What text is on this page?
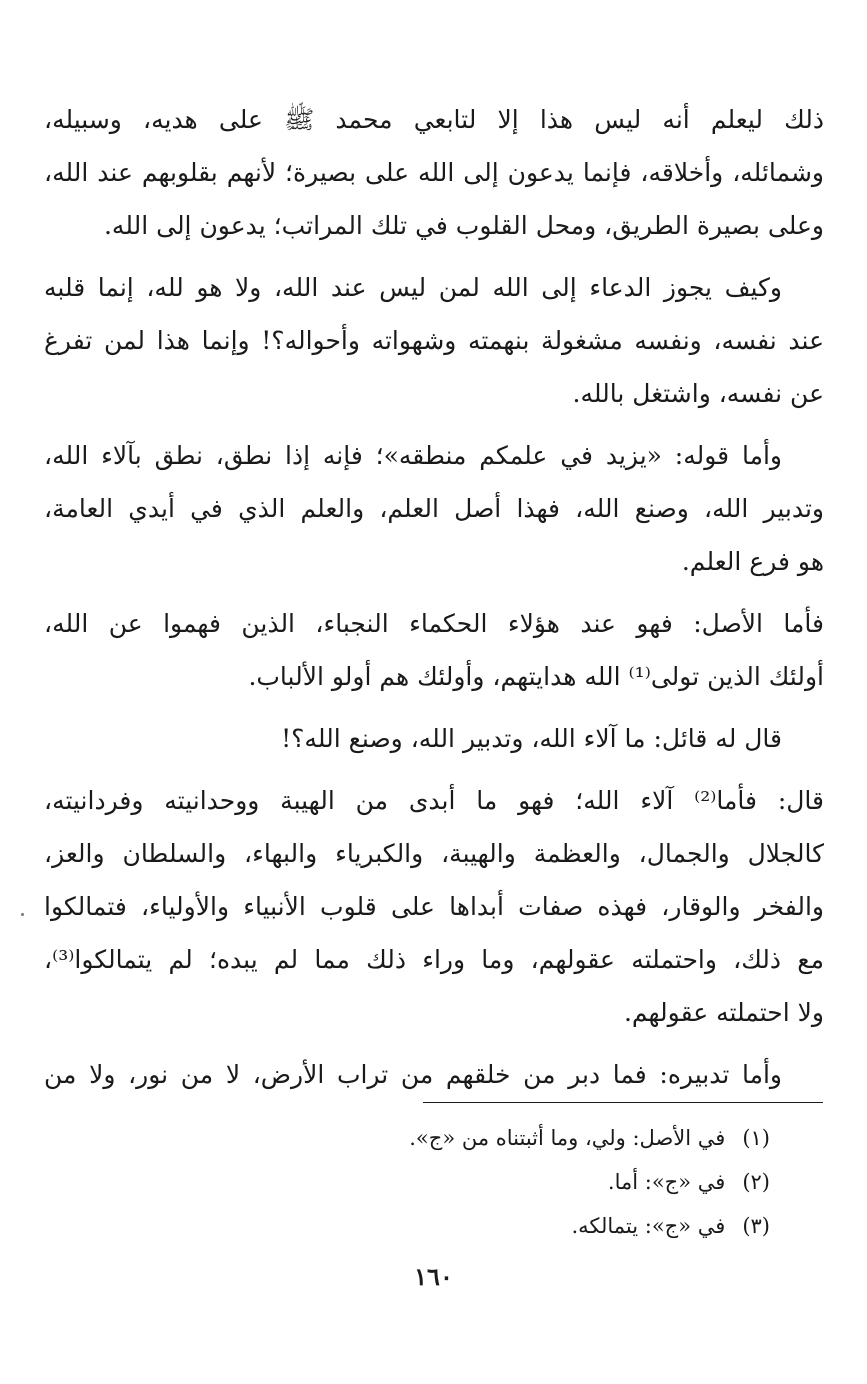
ذلك ليعلم أنه ليس هذا إلا لتابعي محمد ﷺ على هديه، وسبيله،
وشمائله، وأخلاقه، فإنما يدعون إلى الله على بصيرة؛ لأنهم بقلوبهم عند الله،
وعلى بصيرة الطريق، ومحل القلوب في تلك المراتب؛ يدعون إلى الله.
وكيف يجوز الدعاء إلى الله لمن ليس عند الله، ولا هو لله، إنما قلبه
عند نفسه، ونفسه مشغولة بنهمته وشهواته وأحواله؟! وإنما هذا لمن تفرغ
عن نفسه، واشتغل بالله.
وأما قوله: «يزيد في علمكم منطقه»؛ فإنه إذا نطق، نطق بآلاء الله،
وتدبير الله، وصنع الله، فهذا أصل العلم، والعلم الذي في أيدي العامة،
هو فرع العلم.
فأما الأصل: فهو عند هؤلاء الحكماء النجباء، الذين فهموا عن الله،
أولئك الذين تولى⁽¹⁾ الله هدايتهم، وأولئك هم أولو الألباب.
قال له قائل: ما آلاء الله، وتدبير الله، وصنع الله؟!
قال: فأما⁽²⁾ آلاء الله؛ فهو ما أبدى من الهيبة ووحدانيته وفردانيته،
كالجلال والجمال، والعظمة والهيبة، والكبرياء والبهاء، والسلطان والعز،
والفخر والوقار، فهذه صفات أبداها على قلوب الأنبياء والأولياء، فتمالكوا
مع ذلك، واحتملته عقولهم، وما وراء ذلك مما لم يبده؛ لم يتمالكوا⁽³⁾،
ولا احتملته عقولهم.
وأما تدبيره: فما دبر من خلقهم من تراب الأرض، لا من نور، ولا من
(١) في الأصل: ولي، وما أثبتناه من «ج».
(٢) في «ج»: أما.
(٣) في «ج»: يتمالكه.
١٦٠
